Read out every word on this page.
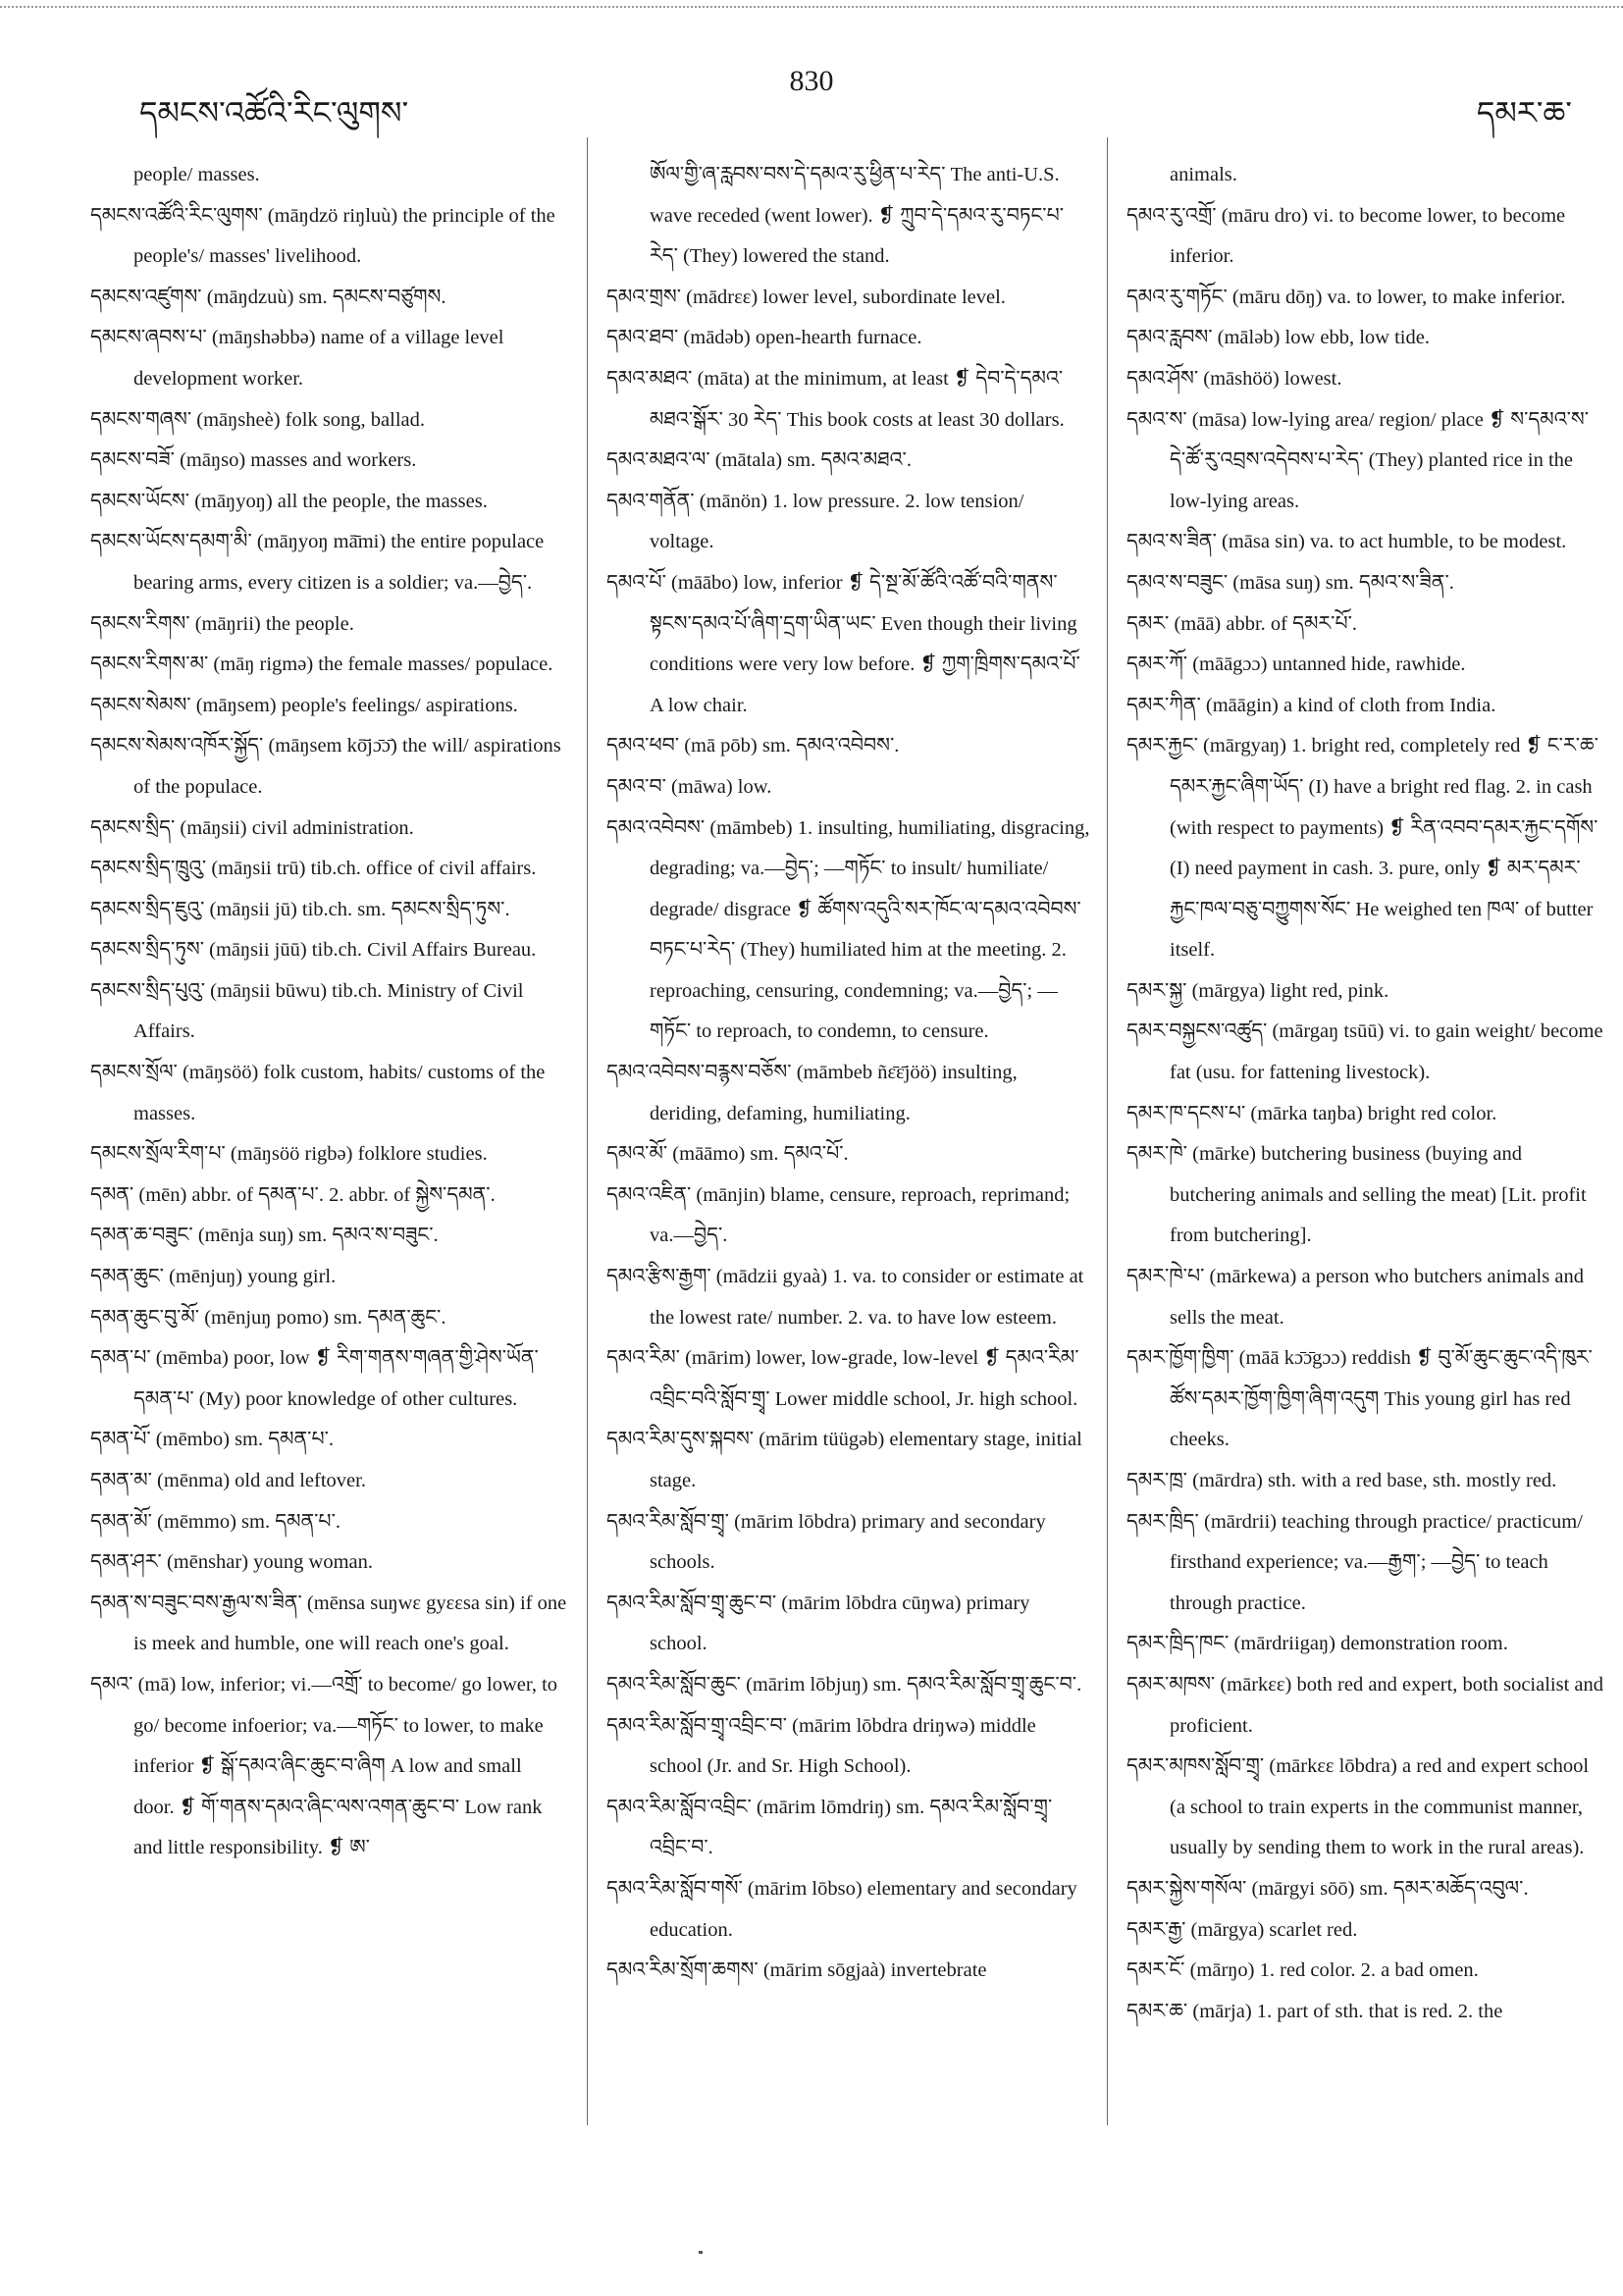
དམངས་འཚོའི་རིང་ལུགས་
830
དམར་ཆ་

people/ masses.

དམངས་འཚོའི་རིང་ལུགས་ (māŋdzö riŋluù) the principle of the people's/ masses' livelihood.

དམངས་འཛུགས་ (māŋdzuù) sm. དམངས་བཙུགས.

དམངས་ཞབས་པ་ (māŋshəbbə) name of a village level development worker.

དམངས་གཞས་ (māŋsheè) folk song, ballad.

དམངས་བཟོ་ (māŋso) masses and workers.

དམངས་ཡོངས་ (māŋyoŋ) all the people, the masses.

དམངས་ཡོངས་དམག་མི་ (māŋyoŋ mā̄mi) the entire populace bearing arms, every citizen is a soldier; va.—བྱེད་.

དམངས་རིགས་ (māŋrii) the people.

དམངས་རིགས་མ་ (māŋ rigmə) the female masses/ populace.

དམངས་སེམས་ (māŋsem) people's feelings/ aspirations.

དམངས་སེམས་འཁོར་སྐྱོད་ (māŋsem kō̄jɔ̄ɔ̄) the will/ aspirations of the populace.

དམངས་སྲིད་ (māŋsii) civil administration.

དམངས་སྲིད་ཁྲུའུ་ (māŋsii trū) tib.ch. office of civil affairs.

དམངས་སྲིད་ཇུའུ་ (māŋsii jū) tib.ch. sm. དམངས་སྲིད་ཏུས་.

དམངས་སྲིད་ཏུས་ (māŋsii jūū) tib.ch. Civil Affairs Bureau.

དམངས་སྲིད་པུའུ་ (māŋsii būwu) tib.ch. Ministry of Civil Affairs.

དམངས་སྲོལ་ (māŋsöö) folk custom, habits/ customs of the masses.

དམངས་སྲོལ་རིག་པ་ (māŋsöö rigbə) folklore studies.

དམན་ (mēn) abbr. of དམན་པ་. 2. abbr. of སྐྱེས་དམན་.

དམན་ཆ་བཟུང་ (mēnja suŋ) sm. དམའ་ས་བཟུང་.

དམན་ཆུང་ (mēnjuŋ) young girl.

དམན་ཆུང་བུ་མོ་ (mēnjuŋ pomo) sm. དམན་ཆུང་.

དམན་པ་ (mēmba) poor, low ❡ རིག་གནས་གཞན་གྱི་ཤེས་ཡོན་དམན་པ་ (My) poor knowledge of other cultures.

དམན་པོ་ (mēmbo) sm. དམན་པ་.

དམན་མ་ (mēnma) old and leftover.

དམན་མོ་ (mēmmo) sm. དམན་པ་.

དམན་ཤར་ (mēnshar) young woman.

དམན་ས་བཟུང་བས་རྒྱལ་ས་ཟིན་ (mēnsa suŋwɛ gyɛɛsa sin) if one is meek and humble, one will reach one's goal.

དམའ་ (mā) low, inferior; vi.—འགྲོ་ to become/ go lower, to go/ become infoerior; va.—གཏོང་ to lower, to make inferior ❡ སྒོ་དམའ་ཞིང་ཆུང་བ་ཞིག A low and small door. ❡ གོ་གནས་དམའ་ཞིང་ལས་འགན་ཆུང་བ་ Low rank and little responsibility. ❡ ཨ་

ཨོལ་གྱི་ཞ་རླབས་བས་དེ་དམའ་རུ་ཕྱིན་པ་རེད་ The anti-U.S. wave receded (went lower). ❡ ཀྲུབ་དེ་དམའ་རུ་བཏང་པ་རེད་ (They) lowered the stand.

དམའ་གྲས་ (mādrɛɛ) lower level, subordinate level.

དམའ་ཐབ་ (mādəb) open-hearth furnace.

དམའ་མཐའ་ (māta) at the minimum, at least ❡ དེབ་དེ་དམའ་མཐའ་སྒོར་ 30 རེད་ This book costs at least 30 dollars.

དམའ་མཐའ་ལ་ (mātala) sm. དམའ་མཐའ་.

དམའ་གནོན་ (mānön) 1. low pressure. 2. low tension/ voltage.

དམའ་པོ་ (māābo) low, inferior ❡ དེ་སྔ་མོ་ཚོའི་འཚོ་བའི་གནས་སྟངས་དམའ་པོ་ཞིག་དྲག་ཡིན་ཡང་ Even though their living conditions were very low before. ❡ ཀྱག་ཁྲིགས་དམའ་པོ་ A low chair.

དམའ་ཕབ་ (mā pōb) sm. དམའ་འབེབས་.

དམའ་བ་ (māwa) low.

དམའ་འབེབས་ (māmbeb) 1. insulting, humiliating, disgracing, degrading; va.—བྱེད་; —གཏོང་ to insult/ humiliate/ degrade/ disgrace ❡ ཚོགས་འདུའི་སར་ཁོང་ལ་དམའ་འབེབས་བཏང་པ་རེད་ (They) humiliated him at the meeting. 2. reproaching, censuring, condemning; va.—བྱེད་; —གཏོང་ to reproach, to condemn, to censure.

དམའ་འབེབས་བརྙས་བཅོས་ (māmbeb ñɛ̄ɛ̄jöö) insulting, deriding, defaming, humiliating.

དམའ་མོ་ (māāmo) sm. དམའ་པོ་.

དམའ་འཇིན་ (mānjin) blame, censure, reproach, reprimand; va.—བྱེད་.

དམའ་རྩིས་རྒྱག་ (mādzii gyaà) 1. va. to consider or estimate at the lowest rate/ number. 2. va. to have low esteem.

དམའ་རིམ་ (mārim) lower, low-grade, low-level ❡ དམའ་རིམ་འབྲིང་བའི་སློབ་གྲྭ་ Lower middle school, Jr. high school.

དམའ་རིམ་དུས་སྐབས་ (mārim tüügəb) elementary stage, initial stage.

དམའ་རིམ་སློབ་གྲྭ་ (mārim lōbdra) primary and secondary schools.

དམའ་རིམ་སློབ་གྲྭ་ཆུང་བ་ (mārim lōbdra cūŋwa) primary school.

དམའ་རིམ་སློབ་ཆུང་ (mārim lōbjuŋ) sm. དམའ་རིམ་སློབ་གྲྭ་ཆུང་བ་.

དམའ་རིམ་སློབ་གྲྭ་འབྲིང་བ་ (mārim lōbdra driŋwə) middle school (Jr. and Sr. High School).

དམའ་རིམ་སློབ་འབྲིང་ (mārim lōmdriŋ) sm. དམའ་རིམ་སློབ་གྲྭ་འབྲིང་བ་.

དམའ་རིམ་སློབ་གསོ་ (mārim lōbso) elementary and secondary education.

དམའ་རིམ་སྲོག་ཆགས་ (mārim sōgjaà) invertebrate

animals.

དམའ་རུ་འགྲོ་ (māru dro) vi. to become lower, to become inferior.

དམའ་རུ་གཏོང་ (māru dōŋ) va. to lower, to make inferior.

དམའ་རླབས་ (māləb) low ebb, low tide.

དམའ་ཤོས་ (māshöö) lowest.

དམའ་ས་ (māsa) low-lying area/ region/ place ❡ ས་དམའ་ས་དེ་ཚོ་རུ་འབྲས་འདེབས་པ་རེད་ (They) planted rice in the low-lying areas.

དམའ་ས་ཟིན་ (māsa sin) va. to act humble, to be modest.

དམའ་ས་བཟུང་ (māsa suŋ) sm. དམའ་ས་ཟིན་.

དམར་ (māā) abbr. of དམར་པོ་.

དམར་ཀོ་ (māāgɔɔ) untanned hide, rawhide.

དམར་ཀིན་ (māāgin) a kind of cloth from India.

དམར་རྐྱང་ (mārgyaŋ) 1. bright red, completely red ❡ ང་ར་ཆ་དམར་རྐྱང་ཞིག་ཡོད་ (I) have a bright red flag. 2. in cash (with respect to payments) ❡ རིན་འབབ་དམར་རྐྱང་དགོས་ (I) need payment in cash. 3. pure, only ❡ མར་དམར་རྐྱང་ཁལ་བཅུ་བཀྱུགས་སོང་ He weighed ten ཁལ་ of butter itself.

དམར་སྐྱ་ (mārgya) light red, pink.

དམར་བསྐྱངས་འཚུད་ (mārgaŋ tsūū) vi. to gain weight/ become fat (usu. for fattening livestock).

དམར་ཁ་དངས་པ་ (mārka taŋba) bright red color.

དམར་ཁེ་ (mārke) butchering business (buying and butchering animals and selling the meat) [Lit. profit from butchering].

དམར་ཁེ་པ་ (mārkewa) a person who butchers animals and sells the meat.

དམར་ཁྱོག་ཁྱིག་ (māā kɔ̄ɔ̄gɔɔ) reddish ❡ བུ་མོ་ཆུང་ཆུང་འདི་ཁུར་ཚོས་དམར་ཁྱོག་ཁྱིག་ཞིག་འདུག This young girl has red cheeks.

དམར་ཁྲ་ (mārdra) sth. with a red base, sth. mostly red.

དམར་ཁྲིད་ (mārdrii) teaching through practice/ practicum/ firsthand experience; va.—རྒྱག་; —བྱེད་ to teach through practice.

དམར་ཁྲིད་ཁང་ (mārdriigaŋ) demonstration room.

དམར་མཁས་ (mārkɛɛ) both red and expert, both socialist and proficient.

དམར་མཁས་སློབ་གྲྭ་ (mārkɛɛ lōbdra) a red and expert school (a school to train experts in the communist manner, usually by sending them to work in the rural areas).

དམར་སྐྱེས་གསོལ་ (mārgyi sōō) sm. དམར་མཆོད་འབུལ་.

དམར་རྒྱ་ (mārgya) scarlet red.

དམར་ངོ་ (mārŋo) 1. red color. 2. a bad omen.

དམར་ཆ་ (mārja) 1. part of sth. that is red. 2. the
